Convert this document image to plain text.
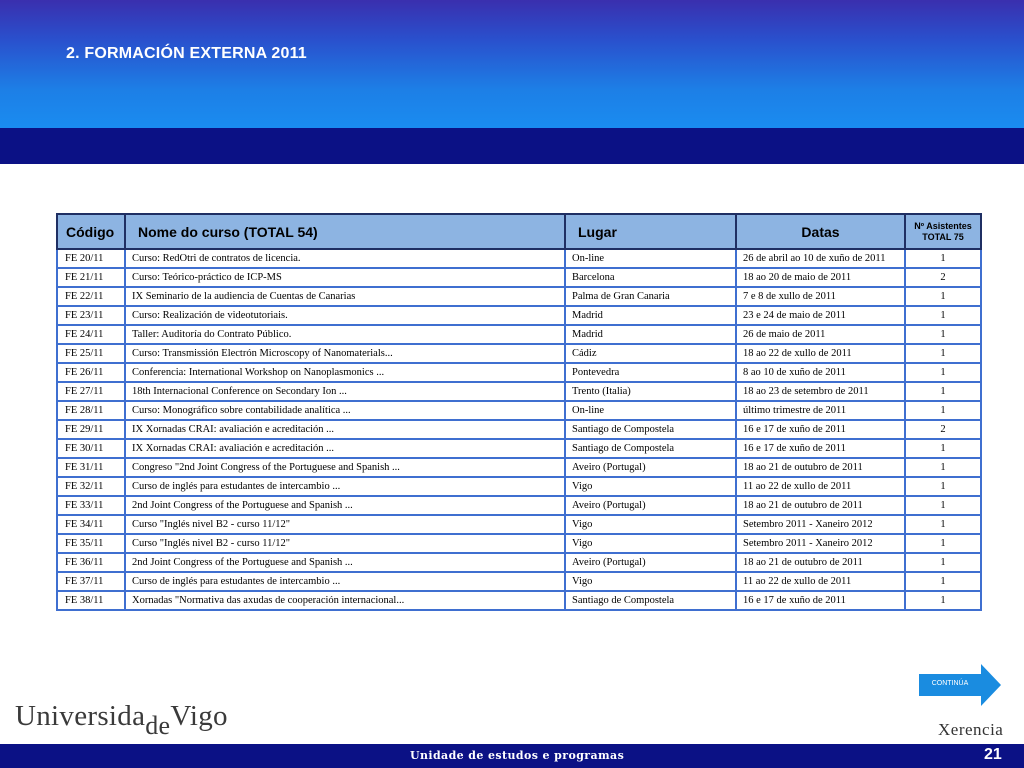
2. FORMACIÓN EXTERNA 2011
Código	Nome do curso (TOTAL 54)	Lugar	Datas	Nº Asistentes
TOTAL 75
FE 20/11	Curso: RedOtri de contratos de licencia.	On-line	26 de abril ao 10 de xuño de 2011	1
FE 21/11	Curso: Teórico-práctico de ICP-MS	Barcelona	18 ao 20 de maio de 2011	2
FE 22/11	IX Seminario de la audiencia de Cuentas de Canarias	Palma de Gran Canaria	7 e 8 de xullo de 2011	1
FE 23/11	Curso: Realización de videotutoriais.	Madrid	23 e 24 de maio de 2011	1
FE 24/11	Taller: Auditoría do Contrato Público.	Madrid	26 de maio de 2011	1
FE 25/11	Curso: Transmissión Electrón Microscopy of Nanomaterials...	Cádiz	18 ao 22 de xullo de 2011	1
FE 26/11	Conferencia: International Workshop on Nanoplasmonics ...	Pontevedra	8 ao 10 de xuño de 2011	1
FE 27/11	18th Internacional Conference on Secondary Ion ...	Trento (Italia)	18 ao 23 de setembro de 2011	1
FE 28/11	Curso: Monográfico sobre contabilidade analítica ...	On-line	último trimestre de 2011	1
FE 29/11	IX Xornadas CRAI: avaliación e acreditación ...	Santiago de Compostela	16 e 17 de xuño de 2011	2
FE 30/11	IX Xornadas CRAI: avaliación e acreditación ...	Santiago de Compostela	16 e 17 de xuño de 2011	1
FE 31/11	Congreso "2nd Joint Congress of the Portuguese and Spanish ...	Aveiro (Portugal)	18 ao 21 de outubro de 2011	1
FE 32/11	Curso de inglés para estudantes de intercambio ...	Vigo	11 ao 22 de xullo de 2011	1
FE 33/11	2nd Joint Congress of the Portuguese and Spanish ...	Aveiro (Portugal)	18 ao 21 de outubro de 2011	1
FE 34/11	Curso "Inglés nivel B2 - curso 11/12"	Vigo	Setembro 2011 - Xaneiro 2012	1
FE 35/11	Curso "Inglés nivel B2 - curso 11/12"	Vigo	Setembro 2011 - Xaneiro 2012	1
FE 36/11	2nd Joint Congress of the Portuguese and Spanish ...	Aveiro (Portugal)	18 ao 21 de outubro de 2011	1
FE 37/11	Curso de inglés para estudantes de intercambio ...	Vigo	11 ao 22 de xullo de 2011	1
FE 38/11	Xornadas "Normativa das axudas de cooperación internacional...	Santiago de Compostela	16 e 17 de xuño de 2011	1
CONTINÚA
UniversidadeVigo	Xerencia
Unidade de estudos e programas	21
